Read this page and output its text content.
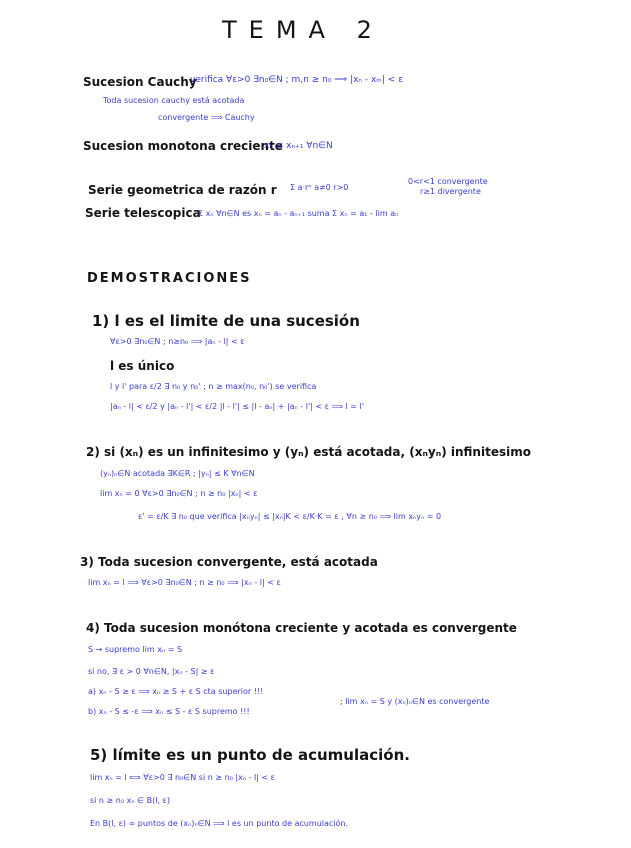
TEMA 2
Sucesion Cauchy
verifica ∀ε>0 ∃n₀∈N ; m,n ≥ n₀ ⟹ |xₙ - xₘ| < ε
Toda sucesion cauchy está acotada
convergente ⟹ Cauchy
Sucesion monotona creciente
xₙ ≤ xₙ₊₁ ∀n∈N
Serie geometrica de razón r Σ a·rⁿ a≠0 r>0
0<r<1 convergente
r≥1 divergente
Serie telescopica
Σ xₙ ∀n∈N es xₙ = aₙ - aₙ₊₁ suma Σ xₙ = a₁ - lim aₙ
DEMOSTRACIONES
1) l es el limite de una sucesión
∀ε>0 ∃n₀∈N ; n≥n₀ ⟹ |aₙ - l| < ε
l es único
l y l' para ε/2 ∃ n₀ y n₀' ; n ≥ max(n₀, n₀') se verifica
|aₙ - l| < ε/2 y |aₙ - l'| < ε/2 |l - l'| ≤ |l - aₙ| + |aₙ - l'| < ε ⟹ l = l'
2) si (xₙ) es un infinitesimo y (yₙ) está acotada, (xₙyₙ) infinitesimo
(yₙ)ₙ∈N acotada ∃K∈R ; |yₙ| ≤ K ∀n∈N
lim xₙ = 0 ∀ε>0 ∃n₀∈N ; n ≥ n₀ |xₙ| < ε
ε' = ε/K ∃ n₀ que verifica |xₙyₙ| ≤ |xₙ|K < ε/K·K = ε , ∀n ≥ n₀ ⟹ lim xₙyₙ = 0
3) Toda sucesion convergente, está acotada
lim xₙ = l ⟹ ∀ε>0 ∃n₀∈N ; n ≥ n₀ ⟹ |xₙ - l| < ε
4) Toda sucesion monótona creciente y acotada es convergente
S → supremo lim xₙ = S
si no, ∃ ε > 0 ∀n∈N, |xₙ - S| ≥ ε
a) xₙ - S ≥ ε ⟹ xₙ ≥ S + ε S cta superior !!!
b) xₙ - S ≤ -ε ⟹ xₙ ≤ S - ε S supremo !!!
; lim xₙ = S y (xₙ)ₙ∈N es convergente
5) límite es un punto de acumulación.
lim xₙ = l ⟺ ∀ε>0 ∃ n₀∈N si n ≥ n₀ |xₙ - l| < ε
si n ≥ n₀ xₙ ∈ B(l, ε)
En B(l, ε) ∞ puntos de (xₙ)ₙ∈N ⟹ l es un punto de acumulación.
